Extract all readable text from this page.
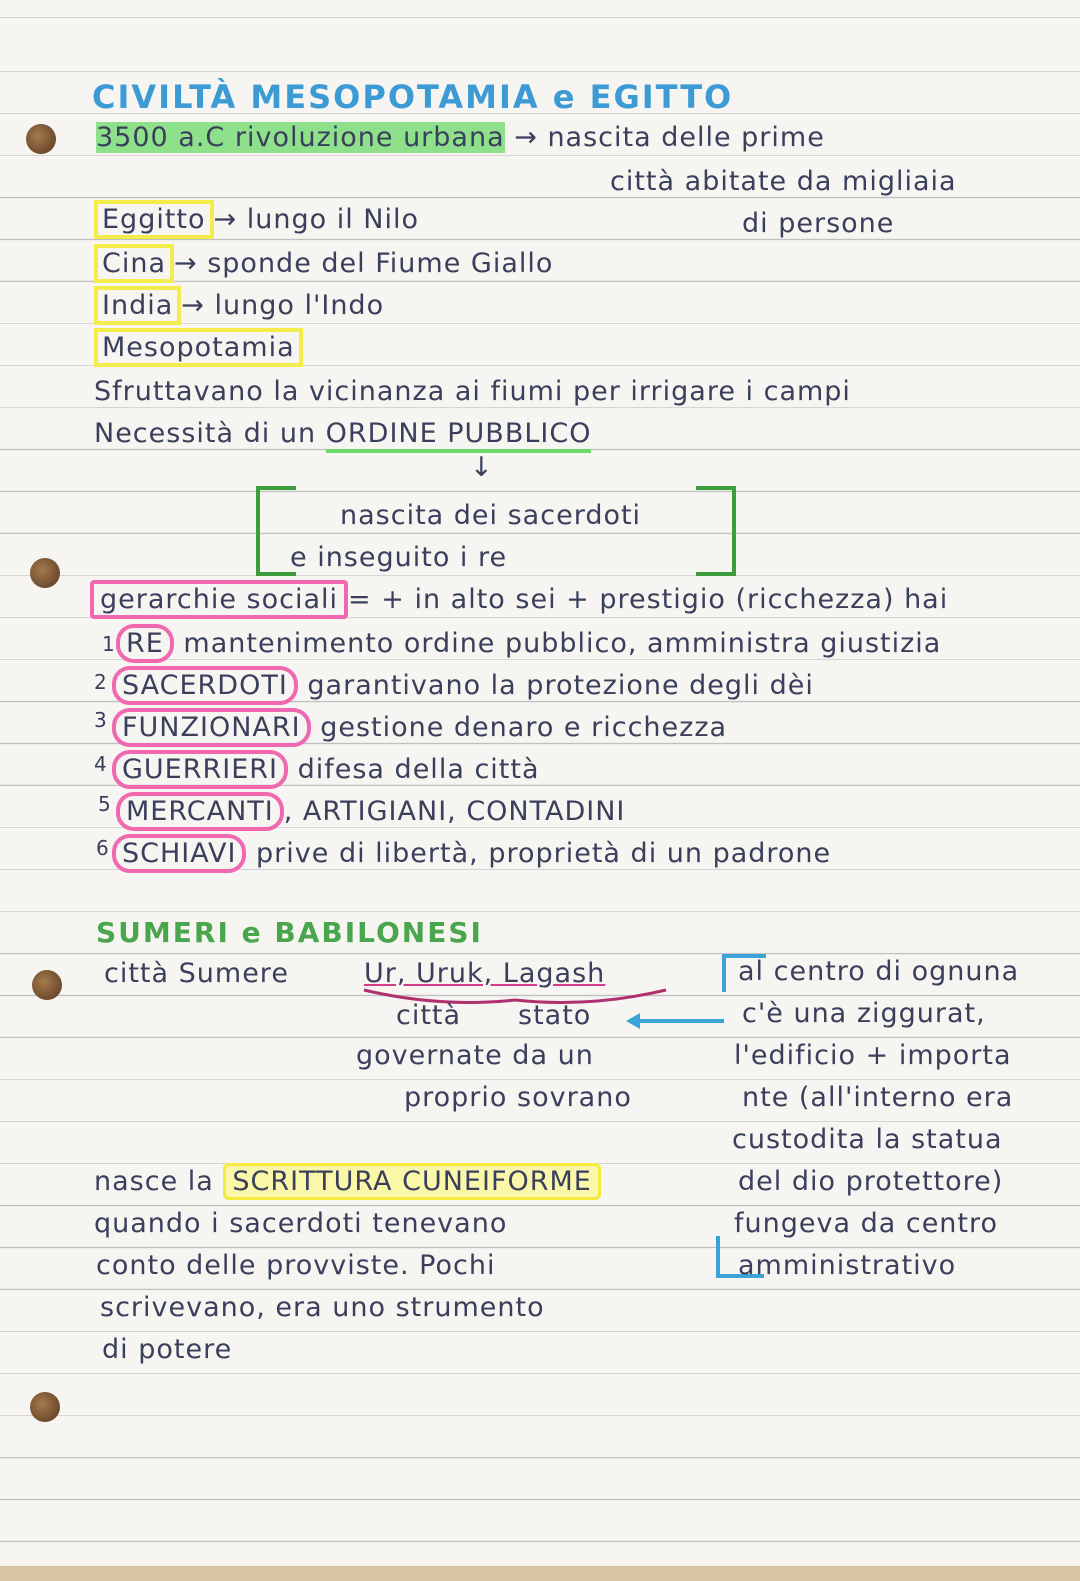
CIVILTÀ MESOPOTAMIA e EGITTO
3500 a.C rivoluzione urbana → nascita delle prime
città abitate da migliaia
di persone
Eggitto → lungo il Nilo
Cina → sponde del Fiume Giallo
India → lungo l'Indo
Mesopotamia
Sfruttavano la vicinanza ai fiumi per irrigare i campi
Necessità di un ORDINE PUBBLICO
↓
nascita dei sacerdoti
e inseguito i re
gerarchie sociali = + in alto sei + prestigio (ricchezza) hai
1 RE mantenimento ordine pubblico, amministra giustizia
2 SACERDOTI garantivano la protezione degli dèi
3 FUNZIONARI gestione denaro e ricchezza
4 GUERRIERI difesa della città
5 MERCANTI , ARTIGIANI, CONTADINI
6 SCHIAVI prive di libertà, proprietà di un padrone
SUMERI e BABILONESI
città Sumere	Ur, Uruk, Lagash
città stato
governate da un
proprio sovrano
al centro di ognuna
c'è una ziggurat,
l'edificio + importa
nte (all'interno era
custodita la statua
del dio protettore)
fungeva da centro
amministrativo
nasce la SCRITTURA CUNEIFORME
quando i sacerdoti tenevano
conto delle provviste. Pochi
scrivevano, era uno strumento
di potere
